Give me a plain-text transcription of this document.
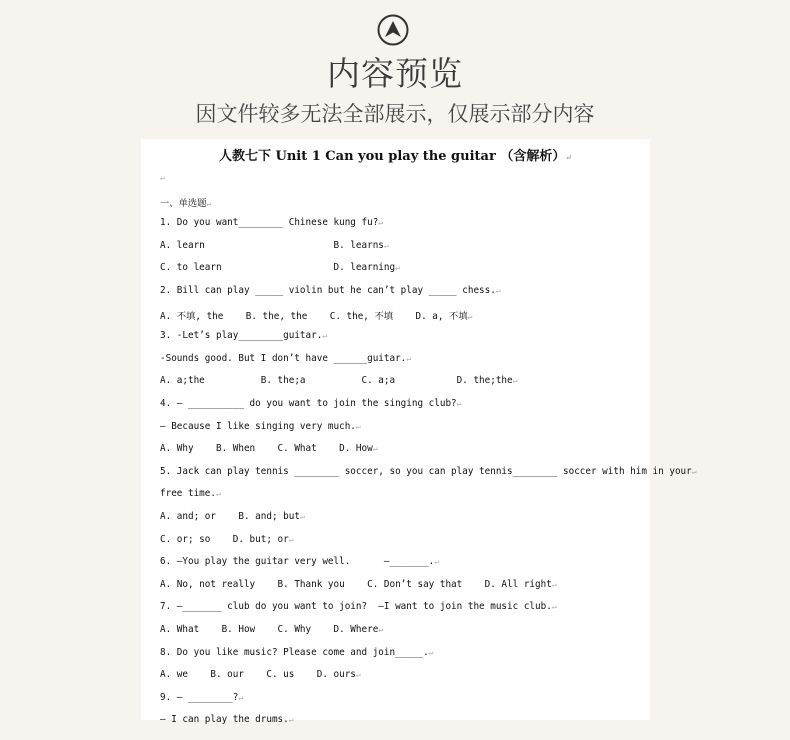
内容预览
因文件较多无法全部展示，仅展示部分内容
人教七下 Unit 1 Can you play the guitar （含解析）↵
↵
一、单选题↵
1. Do you want________ Chinese kung fu?↵
A. learn                       B. learns↵
C. to learn                    D. learning↵
2. Bill can play _____ violin but he can’t play _____ chess.↵
A. 不填, the    B. the, the    C. the, 不填    D. a, 不填↵
3. -Let’s play________guitar.↵
-Sounds good. But I don’t have ______guitar.↵
A. a;the          B. the;a          C. a;a           D. the;the↵
4. — __________ do you want to join the singing club?↵
— Because I like singing very much.↵
A. Why    B. When    C. What    D. How↵
5. Jack can play tennis ________ soccer, so you can play tennis________ soccer with him in your↵
free time.↵
A. and; or    B. and; but↵
C. or; so    D. but; or↵
6. —You play the guitar very well.      —_______.↵
A. No, not really    B. Thank you    C. Don’t say that    D. All right↵
7. —_______ club do you want to join?  —I want to join the music club.↵
A. What    B. How    C. Why    D. Where↵
8. Do you like music? Please come and join_____.↵
A. we    B. our    C. us    D. ours↵
9. — ________?↵
— I can play the drums.↵
